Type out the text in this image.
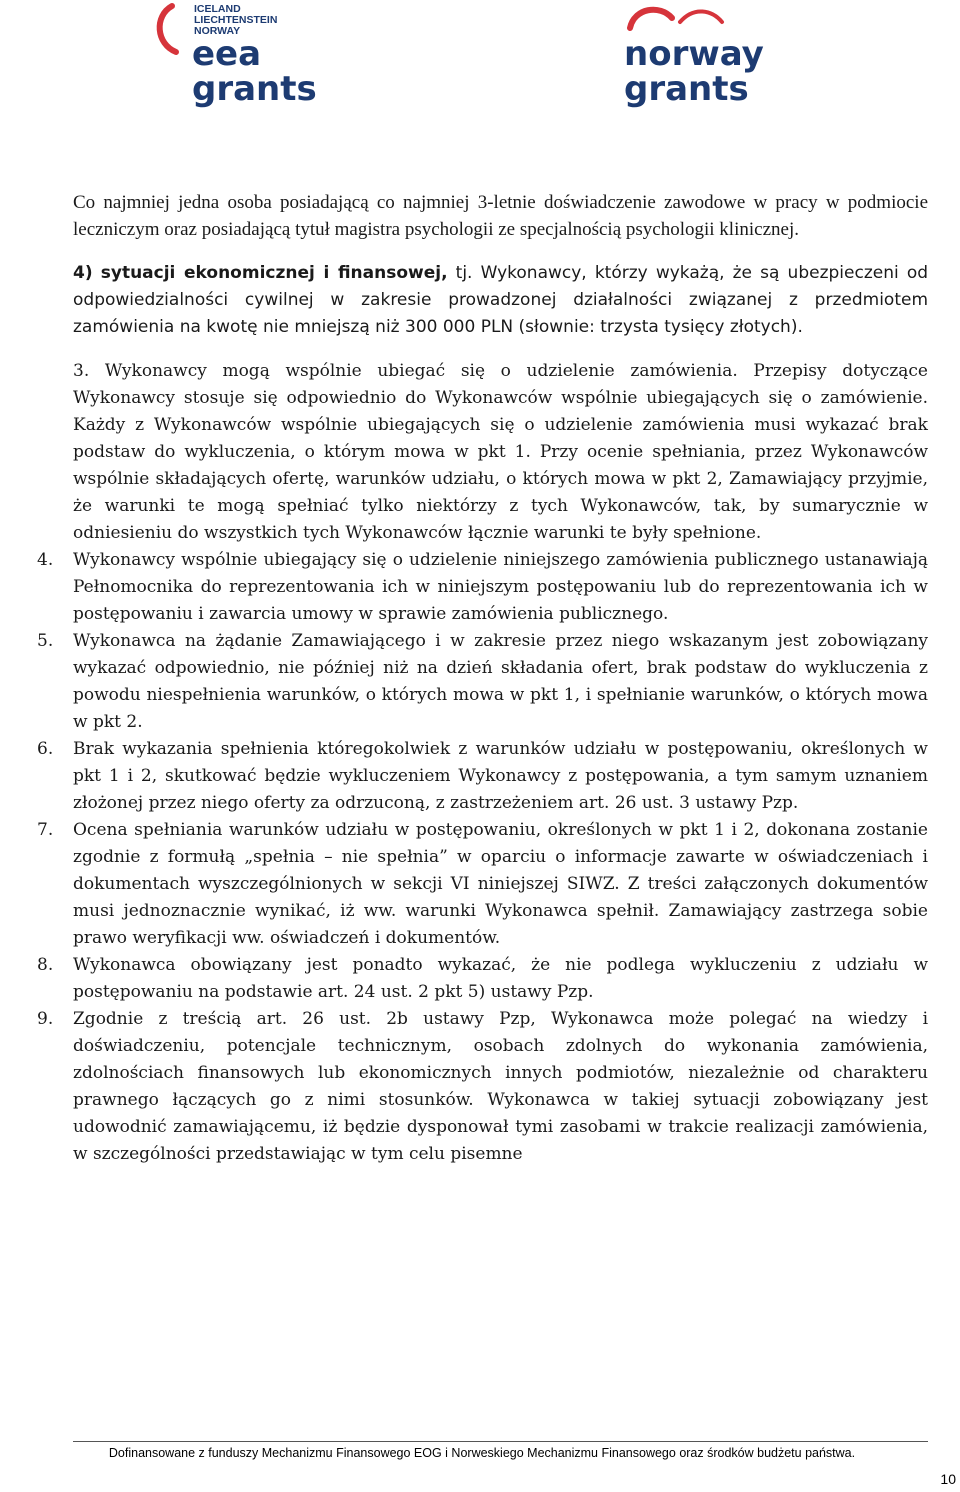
ICELAND
LIECHTENSTEIN
NORWAY
eea
grants
norway
grants

Co najmniej jedna osoba posiadającą co najmniej 3-letnie doświadczenie zawodowe w pracy w podmiocie leczniczym oraz posiadającą tytuł magistra psychologii ze specjalnością psychologii klinicznej.

4) sytuacji ekonomicznej i finansowej, tj. Wykonawcy, którzy wykażą, że są ubezpieczeni od odpowiedzialności cywilnej w zakresie prowadzonej działalności związanej z przedmiotem zamówienia na kwotę nie mniejszą niż 300 000 PLN (słownie: trzysta tysięcy złotych).

3. Wykonawcy mogą wspólnie ubiegać się o udzielenie zamówienia. Przepisy dotyczące Wykonawcy stosuje się odpowiednio do Wykonawców wspólnie ubiegających się o zamówienie. Każdy z Wykonawców wspólnie ubiegających się o udzielenie zamówienia musi wykazać brak podstaw do wykluczenia, o którym mowa w pkt 1. Przy ocenie spełniania, przez Wykonawców wspólnie składających ofertę, warunków udziału, o których mowa w pkt 2, Zamawiający przyjmie, że warunki te mogą spełniać tylko niektórzy z tych Wykonawców, tak, by sumarycznie w odniesieniu do wszystkich tych Wykonawców łącznie warunki te były spełnione.

4. Wykonawcy wspólnie ubiegający się o udzielenie niniejszego zamówienia publicznego ustanawiają Pełnomocnika do reprezentowania ich w niniejszym postępowaniu lub do reprezentowania ich w postępowaniu i zawarcia umowy w sprawie zamówienia publicznego.

5. Wykonawca na żądanie Zamawiającego i w zakresie przez niego wskazanym jest zobowiązany wykazać odpowiednio, nie później niż na dzień składania ofert, brak podstaw do wykluczenia z powodu niespełnienia warunków, o których mowa w pkt 1, i spełnianie warunków, o których mowa w pkt 2.

6. Brak wykazania spełnienia któregokolwiek z warunków udziału w postępowaniu, określonych w pkt 1 i 2, skutkować będzie wykluczeniem Wykonawcy z postępowania, a tym samym uznaniem złożonej przez niego oferty za odrzuconą, z zastrzeżeniem art. 26 ust. 3 ustawy Pzp.

7. Ocena spełniania warunków udziału w postępowaniu, określonych w pkt 1 i 2, dokonana zostanie zgodnie z formułą „spełnia – nie spełnia” w oparciu o informacje zawarte w oświadczeniach i dokumentach wyszczególnionych w sekcji VI niniejszej SIWZ. Z treści załączonych dokumentów musi jednoznacznie wynikać, iż ww. warunki Wykonawca spełnił. Zamawiający zastrzega sobie prawo weryfikacji ww. oświadczeń i dokumentów.

8. Wykonawca obowiązany jest ponadto wykazać, że nie podlega wykluczeniu z udziału w postępowaniu na podstawie art. 24 ust. 2 pkt 5) ustawy Pzp.

9. Zgodnie z treścią art. 26 ust. 2b ustawy Pzp, Wykonawca może polegać na wiedzy i doświadczeniu, potencjale technicznym, osobach zdolnych do wykonania zamówienia, zdolnościach finansowych lub ekonomicznych innych podmiotów, niezależnie od charakteru prawnego łączących go z nimi stosunków. Wykonawca w takiej sytuacji zobowiązany jest udowodnić zamawiającemu, iż będzie dysponował tymi zasobami w trakcie realizacji zamówienia, w szczególności przedstawiając w tym celu pisemne

Dofinansowane z funduszy Mechanizmu Finansowego EOG i Norweskiego Mechanizmu Finansowego oraz środków budżetu państwa.
10
